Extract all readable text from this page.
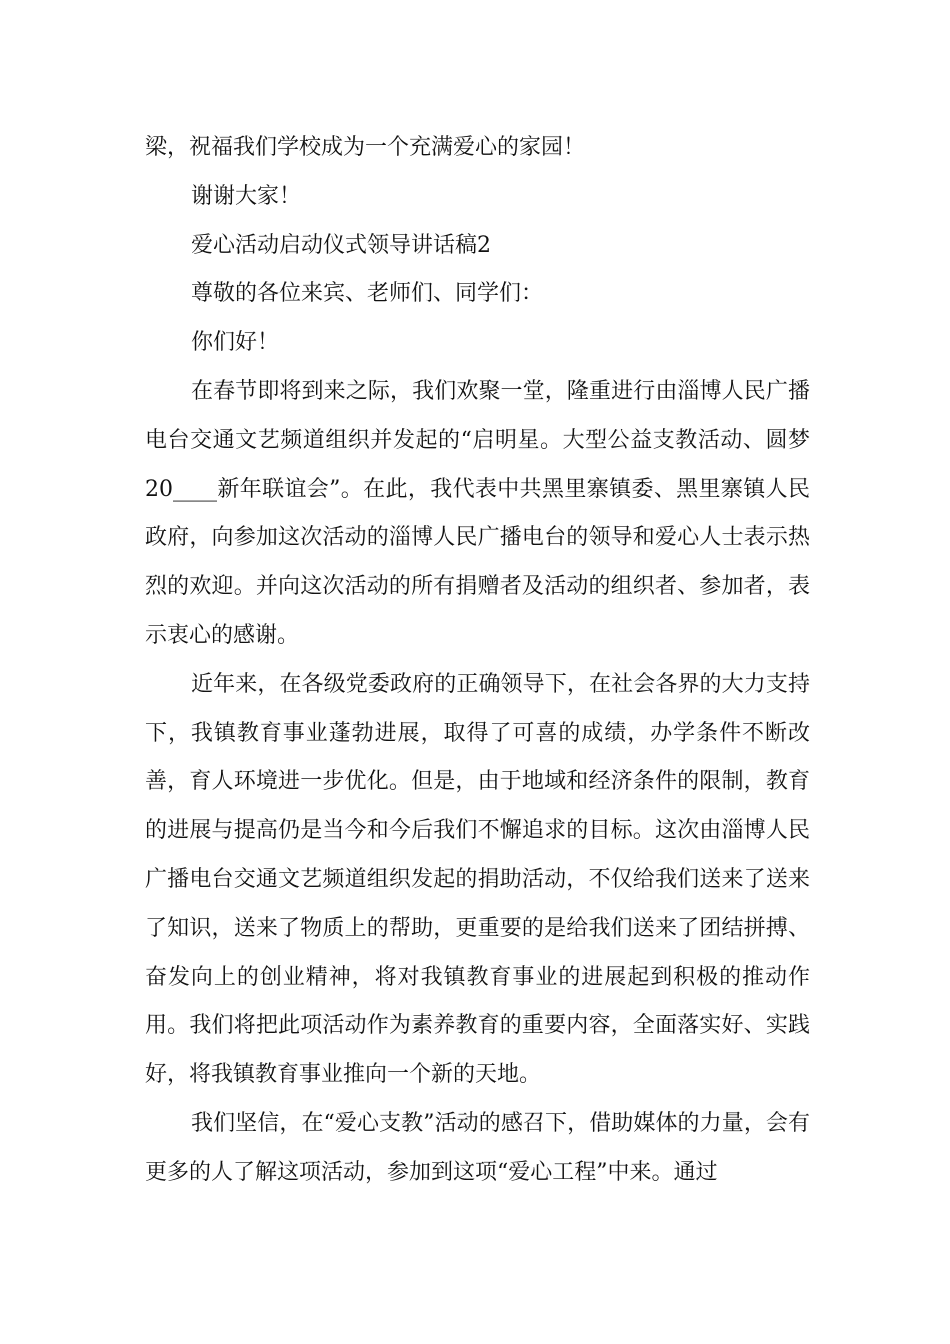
梁，祝福我们学校成为一个充满爱心的家园！

谢谢大家！

爱心活动启动仪式领导讲话稿2

尊敬的各位来宾、老师们、同学们：

你们好！

在春节即将到来之际，我们欢聚一堂，隆重进行由淄博人民广播电台交通文艺频道组织并发起的“启明星。大型公益支教活动、圆梦20____新年联谊会”。在此，我代表中共黑里寨镇委、黑里寨镇人民政府，向参加这次活动的淄博人民广播电台的领导和爱心人士表示热烈的欢迎。并向这次活动的所有捐赠者及活动的组织者、参加者，表示衷心的感谢。

近年来，在各级党委政府的正确领导下，在社会各界的大力支持下，我镇教育事业蓬勃进展，取得了可喜的成绩，办学条件不断改善，育人环境进一步优化。但是，由于地域和经济条件的限制，教育的进展与提高仍是当今和今后我们不懈追求的目标。这次由淄博人民广播电台交通文艺频道组织发起的捐助活动，不仅给我们送来了送来了知识，送来了物质上的帮助，更重要的是给我们送来了团结拼搏、奋发向上的创业精神，将对我镇教育事业的进展起到积极的推动作用。我们将把此项活动作为素养教育的重要内容，全面落实好、实践好，将我镇教育事业推向一个新的天地。

我们坚信，在“爱心支教”活动的感召下，借助媒体的力量，会有更多的人了解这项活动，参加到这项“爱心工程”中来。通过
